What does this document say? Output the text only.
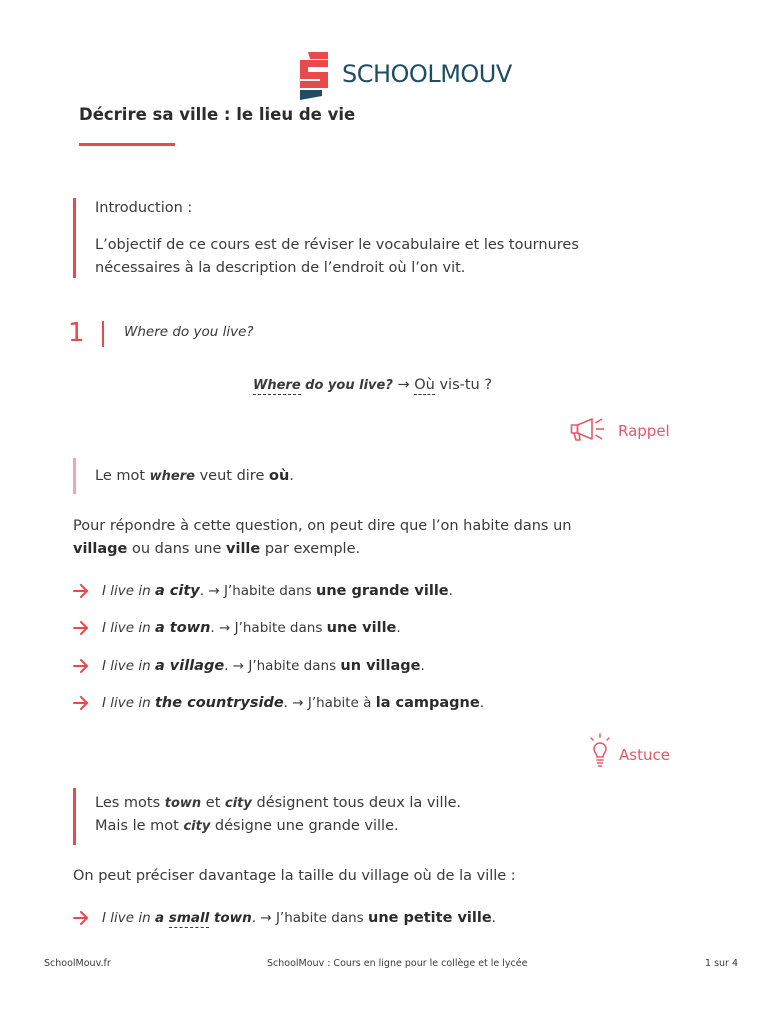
SCHOOLMOUV
Décrire sa ville : le lieu de vie
Introduction :
L’objectif de ce cours est de réviser le vocabulaire et les tournures
nécessaires à la description de l’endroit où l’on vit.
1	Where do you live?
Where do you live? → Où vis-tu ?
Rappel
Le mot where veut dire où.
Pour répondre à cette question, on peut dire que l’on habite dans un
village ou dans une ville par exemple.
I live in a city. → J’habite dans une grande ville.
I live in a town. → J’habite dans une ville.
I live in a village. → J’habite dans un village.
I live in the countryside. → J’habite à la campagne.
Astuce
Les mots town et city désignent tous deux la ville.
Mais le mot city désigne une grande ville.
On peut préciser davantage la taille du village où de la ville :
I live in a small town. → J’habite dans une petite ville.
SchoolMouv.fr	SchoolMouv : Cours en ligne pour le collège et le lycée	1 sur 4
